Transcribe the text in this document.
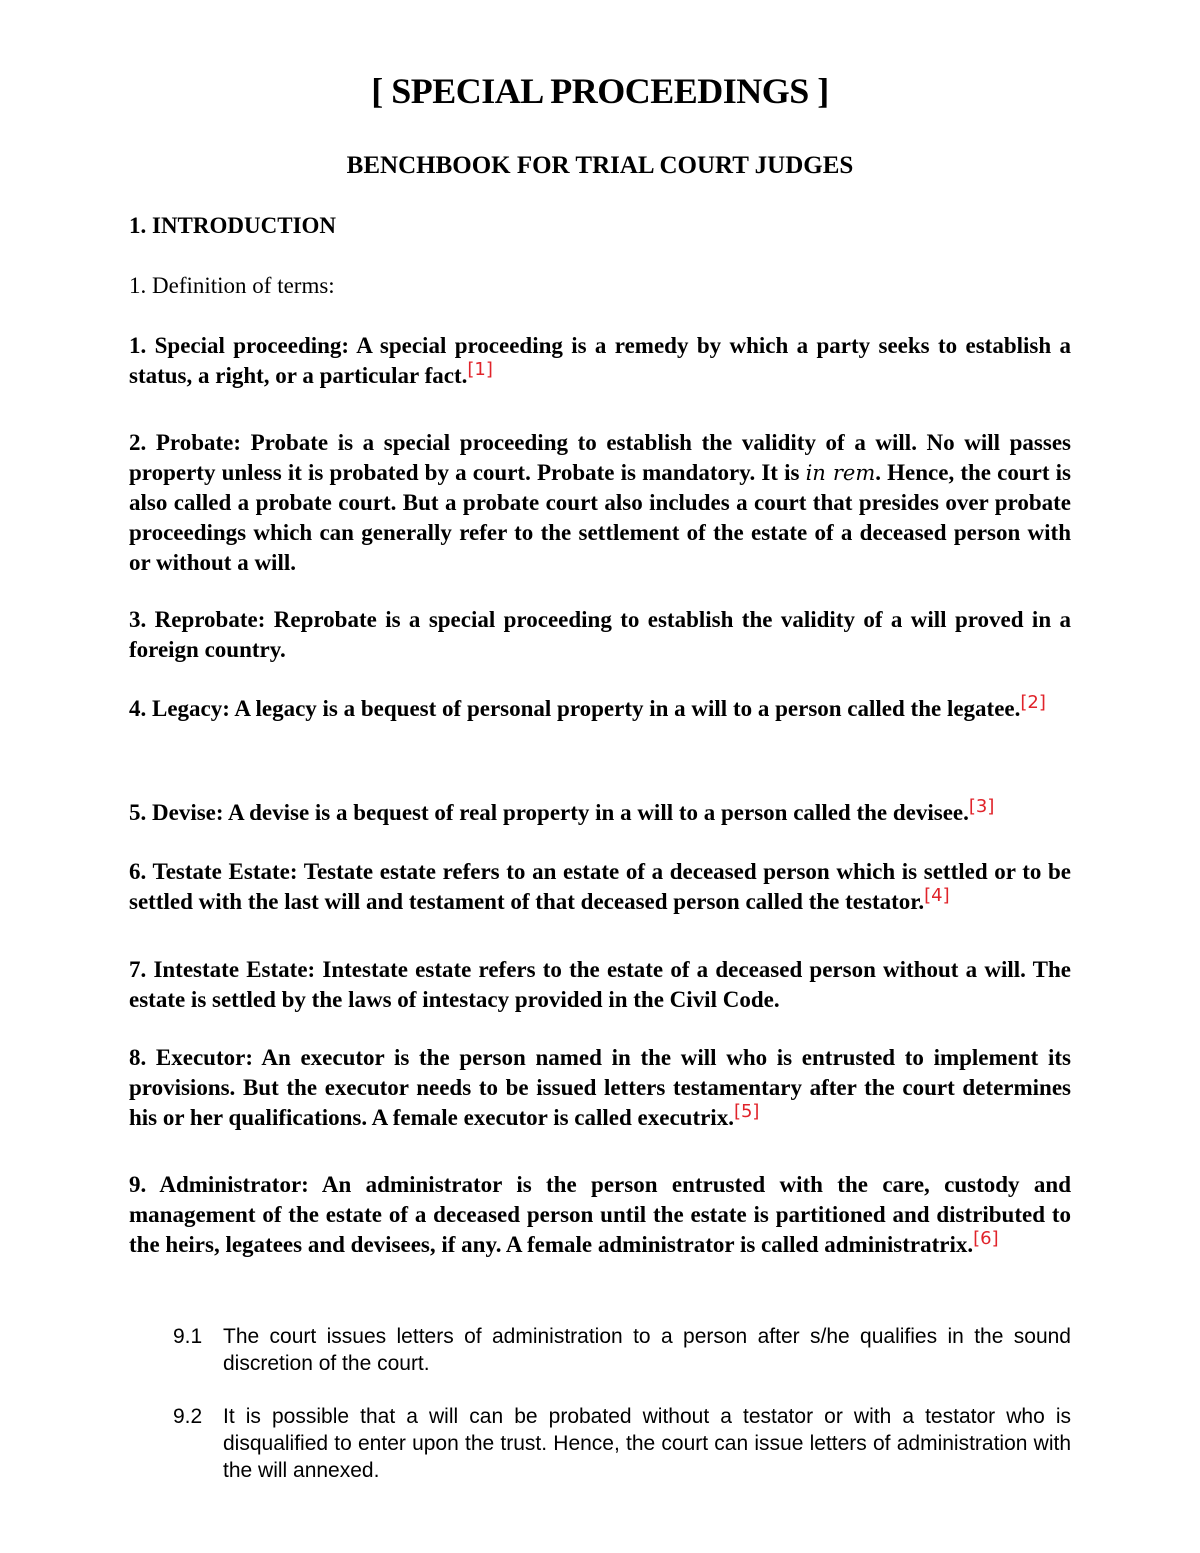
[ SPECIAL PROCEEDINGS ]
BENCHBOOK FOR TRIAL COURT JUDGES
1. INTRODUCTION
1. Definition of terms:

1. Special proceeding: A special proceeding is a remedy by which a party seeks to establish a status, a right, or a particular fact.[1]

2. Probate: Probate is a special proceeding to establish the validity of a will. No will passes property unless it is probated by a court. Probate is mandatory. It is in rem. Hence, the court is also called a probate court. But a probate court also includes a court that presides over probate proceedings which can generally refer to the settlement of the estate of a deceased person with or without a will.

3. Reprobate: Reprobate is a special proceeding to establish the validity of a will proved in a foreign country.

4. Legacy: A legacy is a bequest of personal property in a will to a person called the legatee.[2]

5. Devise: A devise is a bequest of real property in a will to a person called the devisee.[3]

6. Testate Estate: Testate estate refers to an estate of a deceased person which is settled or to be settled with the last will and testament of that deceased person called the testator.[4]

7. Intestate Estate: Intestate estate refers to the estate of a deceased person without a will. The estate is settled by the laws of intestacy provided in the Civil Code.

8. Executor: An executor is the person named in the will who is entrusted to implement its provisions. But the executor needs to be issued letters testamentary after the court determines his or her qualifications. A female executor is called executrix.[5]

9. Administrator: An administrator is the person entrusted with the care, custody and management of the estate of a deceased person until the estate is partitioned and distributed to the heirs, legatees and devisees, if any. A female administrator is called administratrix.[6]

9.1 The court issues letters of administration to a person after s/he qualifies in the sound discretion of the court.
9.2 It is possible that a will can be probated without a testator or with a testator who is disqualified to enter upon the trust. Hence, the court can issue letters of administration with the will annexed.
